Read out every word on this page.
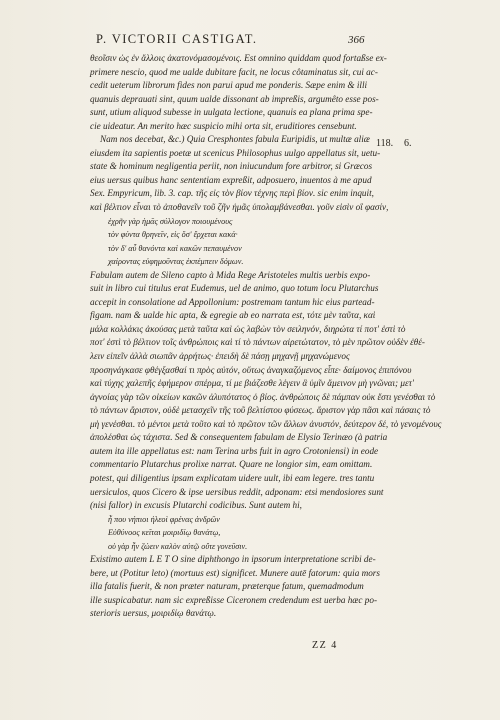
P. VICTORII CASTIGAT.	366
118. 6.
θεοῖσιν ὡς ἐν ἄλλοις ἀκατονόμασομένοις. Est omnino quiddam quod fortaßse ex-
primere nescio, quod me ualde dubitare facit, ne locus côtaminatus sit, cui ac-
cedit ueterum librorum fides non parui apud me ponderis. Sæpe enim & illi
quanuis deprauati sint, quum ualde dissonant ab impreßis, argumêto esse pos-
sunt, utium aliquod subesse in uulgata lectione, quanuis ea plana prima spe-
cie uideatur. An merito hæc suspicio mihi orta sit, eruditiores censebunt.
Nam nos decebat, &c.) Quia Cresphontes fabula Euripidis, ut multæ aliæ
eiusdem ita sapientis poetæ ut scenicus Philosophus uulgo appellatus sit, uetu-
state & hominum negligentia periit, non iniucundum fore arbitror, si Græcos
eius uersus quibus hanc sententiam expreßit, adposuero, inuentos à me apud
Sex. Empyricum, lib. 3. cap. τῆς εἰς τὸν βίον τέχνης περὶ βίον. sic enim inquit,
καὶ βέλτιον εἶναι τὸ ἀποθανεῖν τοῦ ζῆν ἡμᾶς ὑπολαμβάνεσθαι. γοῦν εἰσὶν οἳ φασίν,
ἐχρῆν γὰρ ἡμᾶς σύλλογον ποιουμένους
τὸν φύντα θρηνεῖν, εἰς ὅσ' ἔρχεται κακά·
τὸν δ' αὖ θανόντα καὶ κακῶν πεπαυμένον
χαίροντας εὐφημοῦντας ἐκπέμπειν δόμων.
Fabulam autem de Sileno capto à Mida Rege Aristoteles multis uerbis expo-
suit in libro cui titulus erat Eudemus, uel de animo, quo totum locu Plutarchus
accepit in consolatione ad Appollonium: postremam tantum hic eius partead-
figam. nam & ualde hic apta, & egregie ab eo narrata est, τότε μὲν ταῦτα, καὶ
μάλα κολλάκις ἀκούσας μετὰ ταῦτα καὶ ὡς λαβὼν τὸν σειληνόν, διηρώτα τί ποτ' ἐστὶ τὸ
ποτ' ἐστὶ τὸ βέλτιον τοῖς ἀνθρώποις καὶ τί τὸ πάντων αἱρετώτατον, τὸ μὲν πρῶτον οὐδὲν ἐθέ-
λειν εἰπεῖν ἀλλὰ σιωπᾶν ἀρρήτως· ἐπειδὴ δὲ πάσῃ μηχανῇ μηχανώμενος
προσηνάγκασε φθέγξασθαί τι πρὸς αὐτόν, οὕτως ἀναγκαζόμενος εἶπε· δαίμονος ἐπιπόνου
καὶ τύχης χαλεπῆς ἐφήμερον σπέρμα, τί με βιάζεσθε λέγειν ἃ ὑμῖν ἄμεινον μὴ γνῶναι; μετ'
ἀγνοίας γὰρ τῶν οἰκείων κακῶν ἀλυπότατος ὁ βίος. ἀνθρώποις δὲ πάμπαν οὐκ ἔστι γενέσθαι τὸ
τὸ πάντων ἄριστον, οὐδὲ μετασχεῖν τῆς τοῦ βελτίστου φύσεως. ἄριστον γὰρ πᾶσι καὶ πάσαις τὸ
μὴ γενέσθαι. τὸ μέντοι μετὰ τοῦτο καὶ τὸ πρῶτον τῶν ἄλλων ἀνυστόν, δεύτερον δέ, τὸ γενομένους
ἀπολέσθαι ὡς τάχιστα. Sed & consequentem fabulam de Elysio Terinæo (à patria
autem ita ille appellatus est: nam Terina urbs fuit in agro Crotoniensi) in eode
commentario Plutarchus prolixe narrat. Quare ne longior sim, eam omittam.
potest, qui diligentius ipsam explicatam uidere uult, ibi eam legere. tres tantu
uersiculos, quos Cicero & ipse uersibus reddit, adponam: etsi mendosiores sunt
(nisi fallor) in excusis Plutarchi codicibus. Sunt autem hi,
ἦ που νήπιοι ἠλεοὶ φρένας ἀνδρῶν
Εὐθύνοος κεῖται μοιριδίῳ θανάτῳ,
οὐ γὰρ ἦν ζώειν καλὸν αὐτῷ οὔτε γονεῦσιν.
Existimo autem L E T O sine diphthongo in ipsorum interpretatione scribi de-
bere, ut (Potitur leto) (mortuus est) significet. Munere autē fatorum: quia mors
illa fatalis fuerit, & non præter naturam, præterque fatum, quemadmodum
ille suspicabatur. nam sic expreßisse Ciceronem credendum est uerba hæc po-
sterioris uersus, μοιριδίῳ θανάτῳ.
ZZ 4
